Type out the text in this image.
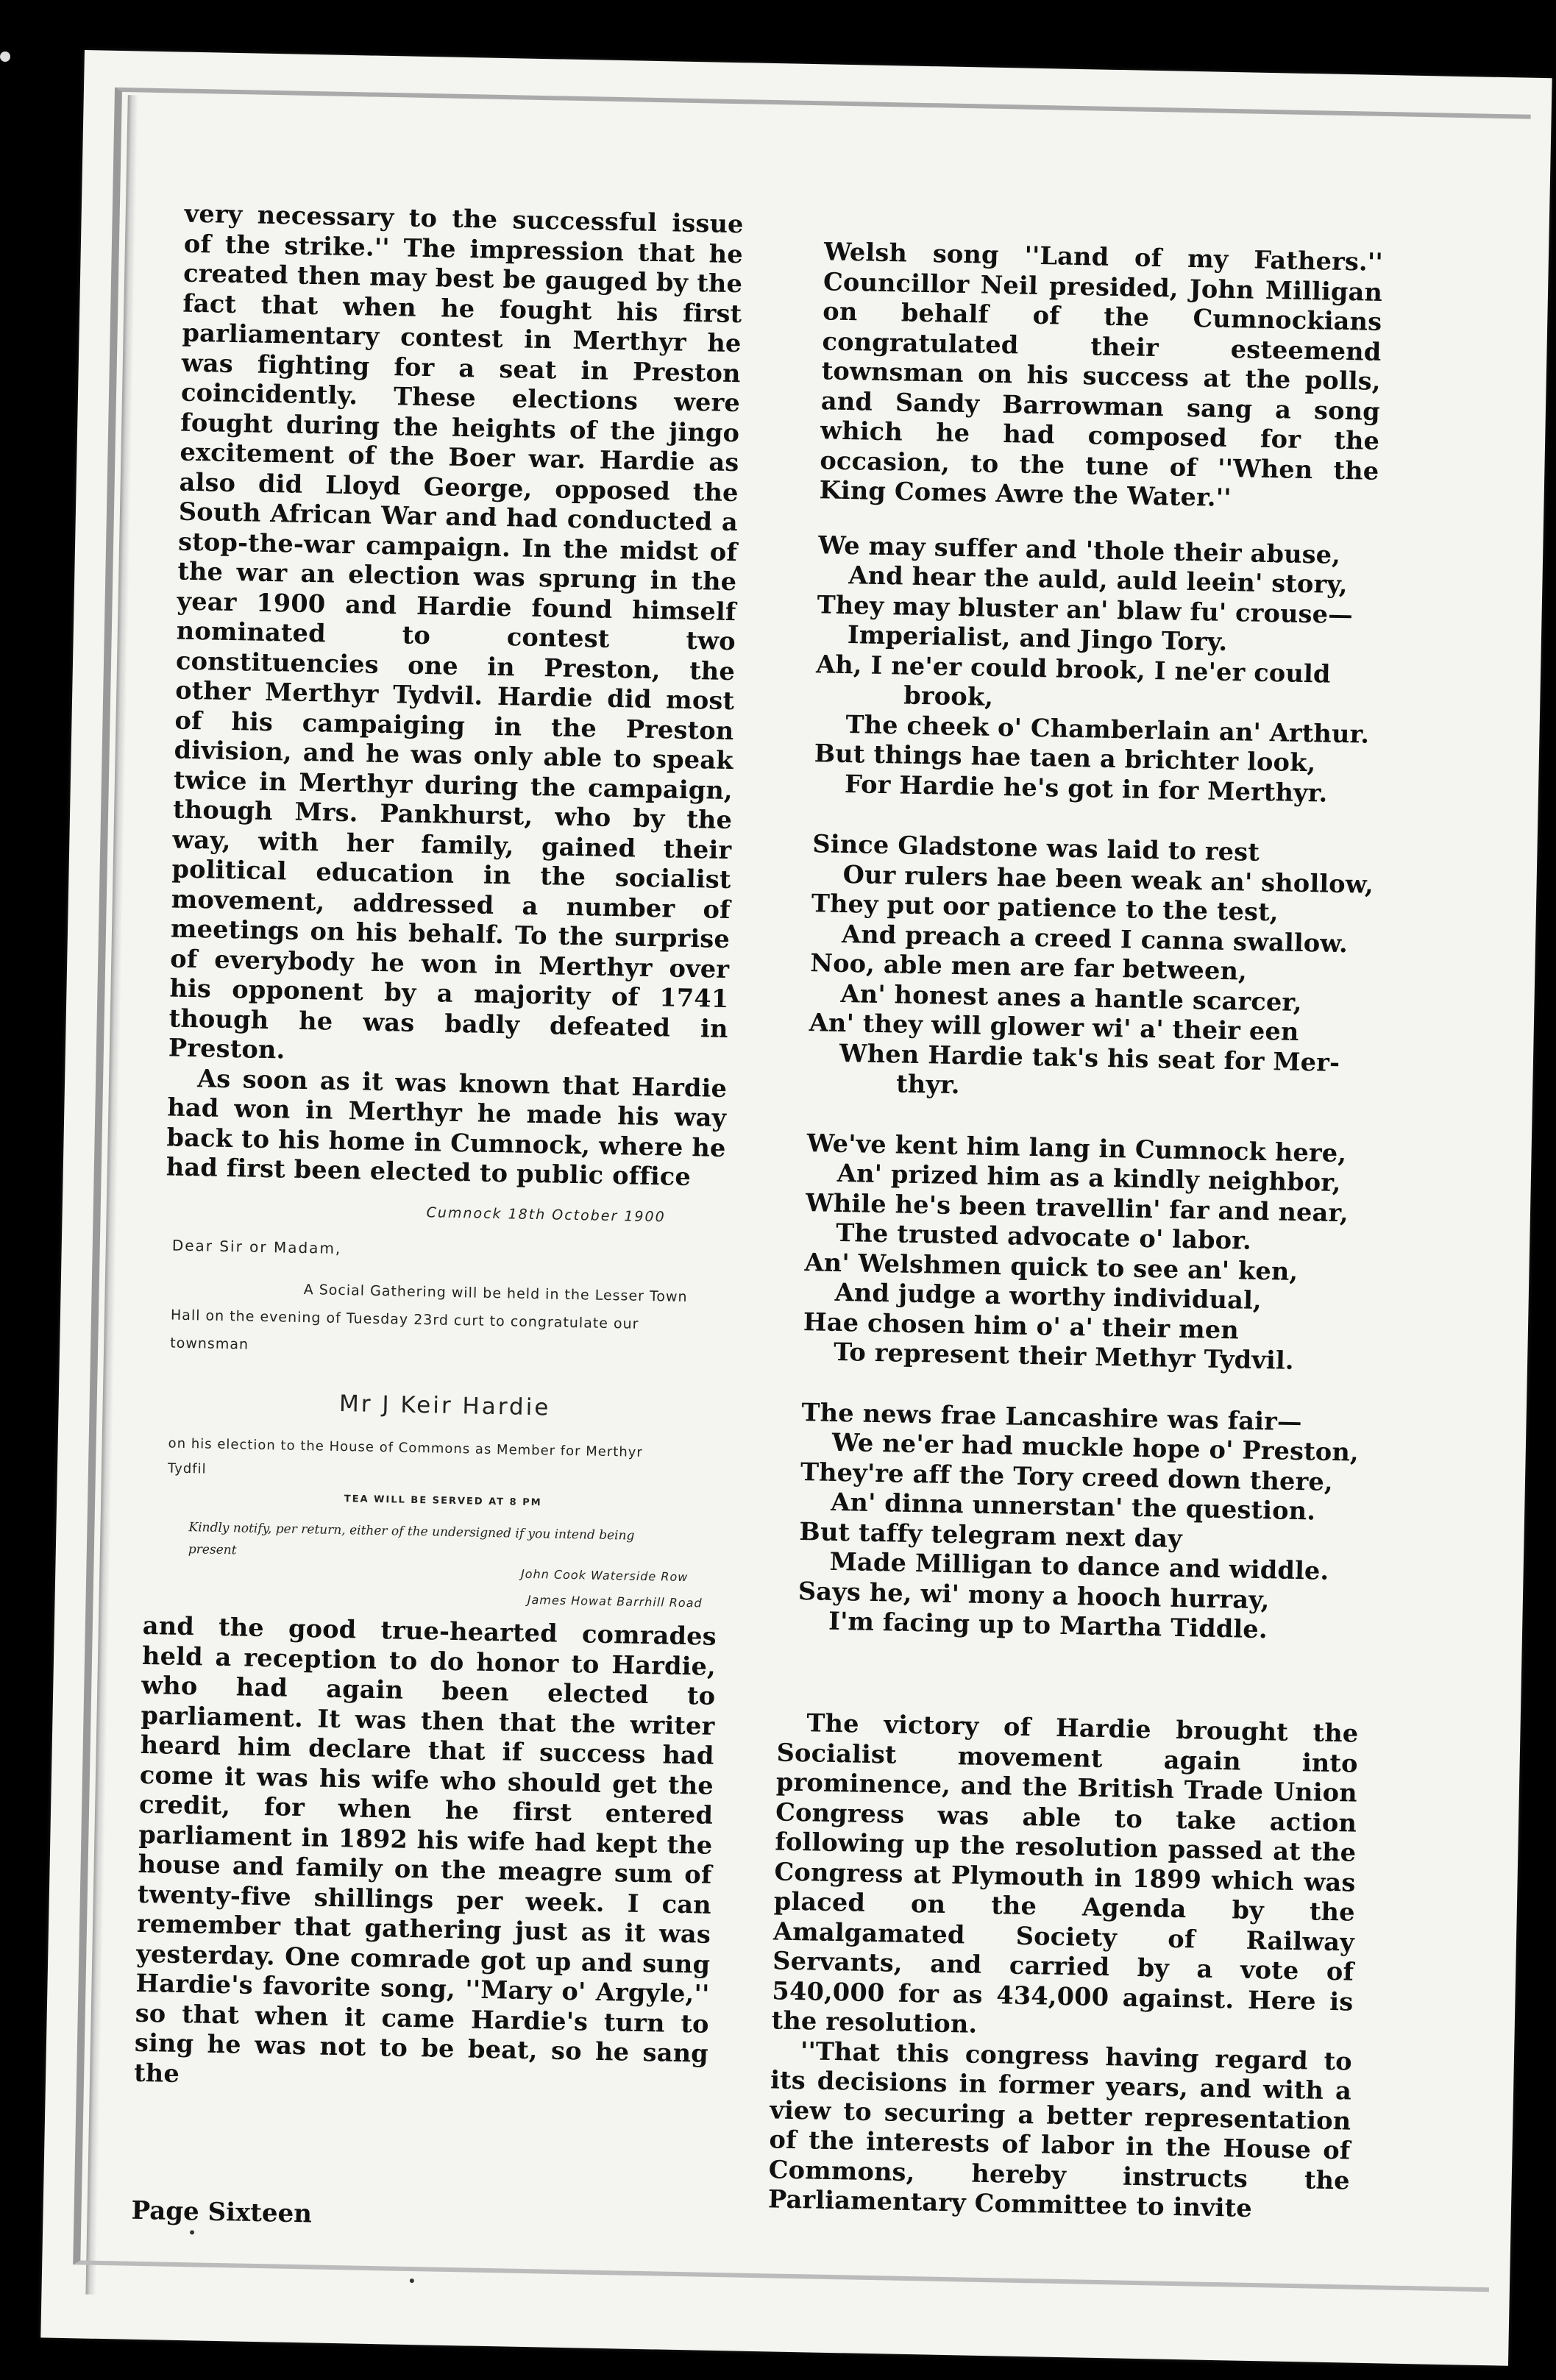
very necessary to the successful issue of the strike.'' The impression that he created then may best be gauged by the fact that when he fought his first parliamentary contest in Merthyr he was fighting for a seat in Preston coincidently. These elections were fought during the heights of the jingo excitement of the Boer war. Hardie as also did Lloyd George, opposed the South African War and had conducted a stop-the-war campaign. In the midst of the war an election was sprung in the year 1900 and Hardie found himself nominated to contest two constituencies one in Preston, the other Merthyr Tydvil. Hardie did most of his campaiging in the Preston division, and he was only able to speak twice in Merthyr during the campaign, though Mrs. Pankhurst, who by the way, with her family, gained their political education in the socialist movement, addressed a number of meetings on his behalf. To the surprise of everybody he won in Merthyr over his opponent by a majority of 1741 though he was badly defeated in Preston.

As soon as it was known that Hardie had won in Merthyr he made his way back to his home in Cumnock, where he had first been elected to public office

Cumnock 18th October 1900
Dear Sir or Madam,
A Social Gathering will be held in the Lesser Town Hall on the evening of Tuesday 23rd curt to congratulate our townsman
Mr J Keir Hardie
on his election to the House of Commons as Member for Merthyr Tydfil
TEA WILL BE SERVED AT 8 PM
Kindly notify, per return, either of the undersigned if you intend being present
John Cook Waterside Row
James Howat Barrhill Road

and the good true-hearted comrades held a reception to do honor to Hardie, who had again been elected to parliament. It was then that the writer heard him declare that if success had come it was his wife who should get the credit, for when he first entered parliament in 1892 his wife had kept the house and family on the meagre sum of twenty-five shillings per week. I can remember that gathering just as it was yesterday. One comrade got up and sung Hardie's favorite song, ''Mary o' Argyle,'' so that when it came Hardie's turn to sing he was not to be beat, so he sang the

Welsh song ''Land of my Fathers.'' Councillor Neil presided, John Milligan on behalf of the Cumnockians congratulated their esteemend townsman on his success at the polls, and Sandy Barrowman sang a song which he had composed for the occasion, to the tune of ''When the King Comes Awre the Water.''

We may suffer and 'thole their abuse,
And hear the auld, auld leein' story,
They may bluster an' blaw fu' crouse—
Imperialist, and Jingo Tory.
Ah, I ne'er could brook, I ne'er could
brook,
The cheek o' Chamberlain an' Arthur.
But things hae taen a brichter look,
For Hardie he's got in for Merthyr.
Since Gladstone was laid to rest
Our rulers hae been weak an' shollow,
They put oor patience to the test,
And preach a creed I canna swallow.
Noo, able men are far between,
An' honest anes a hantle scarcer,
An' they will glower wi' a' their een
When Hardie tak's his seat for Mer-
thyr.
We've kent him lang in Cumnock here,
An' prized him as a kindly neighbor,
While he's been travellin' far and near,
The trusted advocate o' labor.
An' Welshmen quick to see an' ken,
And judge a worthy individual,
Hae chosen him o' a' their men
To represent their Methyr Tydvil.
The news frae Lancashire was fair—
We ne'er had muckle hope o' Preston,
They're aff the Tory creed down there,
An' dinna unnerstan' the question.
But taffy telegram next day
Made Milligan to dance and widdle.
Says he, wi' mony a hooch hurray,
I'm facing up to Martha Tiddle.

The victory of Hardie brought the Socialist movement again into prominence, and the British Trade Union Congress was able to take action following up the resolution passed at the Congress at Plymouth in 1899 which was placed on the Agenda by the Amalgamated Society of Railway Servants, and carried by a vote of 540,000 for as 434,000 against. Here is the resolution.

''That this congress having regard to its decisions in former years, and with a view to securing a better representation of the interests of labor in the House of Commons, hereby instructs the Parliamentary Committee to invite

Page Sixteen
